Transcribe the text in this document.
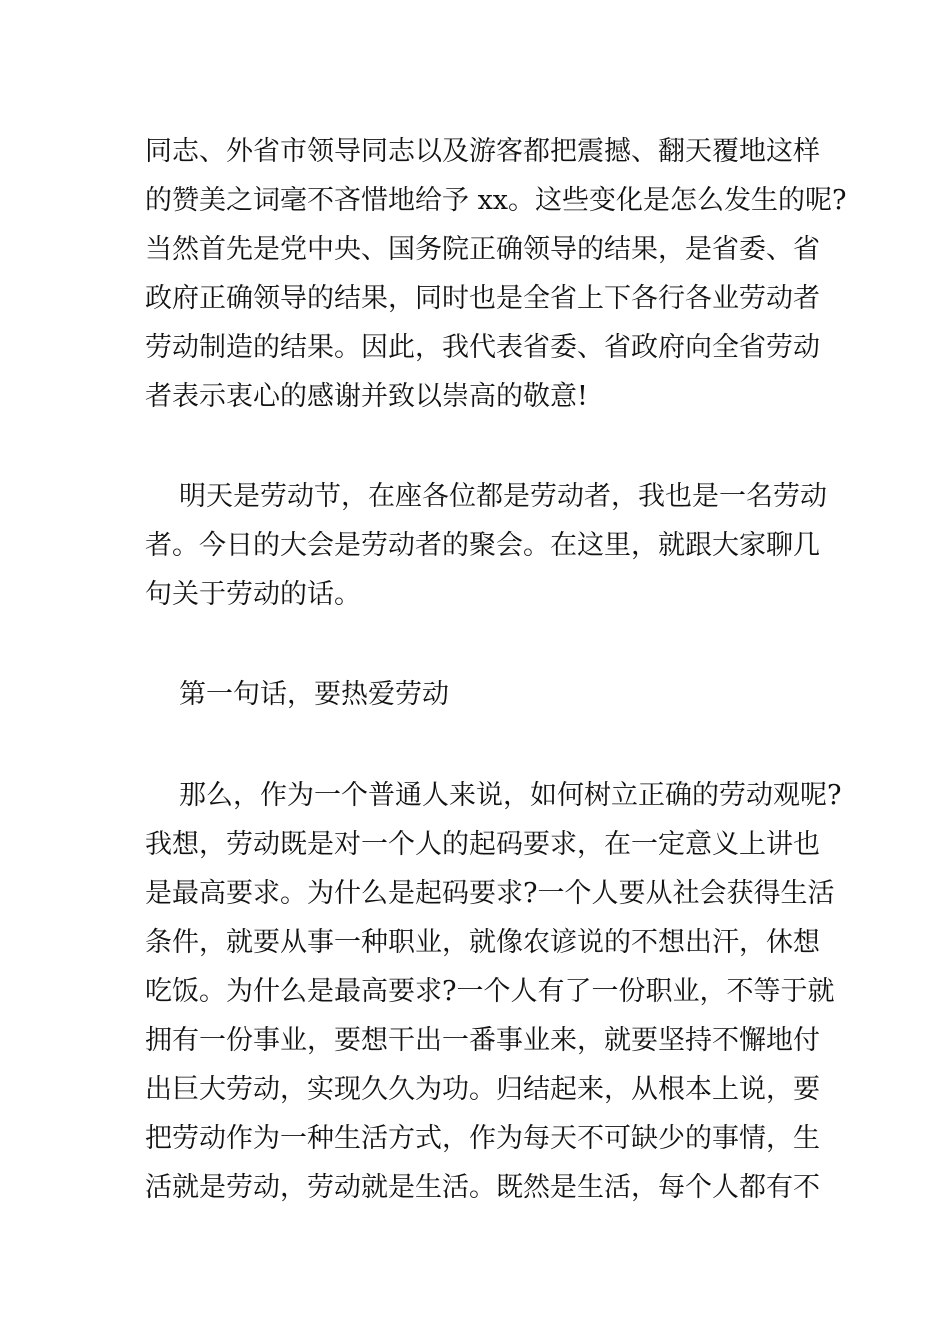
同志、外省市领导同志以及游客都把震撼、翻天覆地这样
的赞美之词毫不吝惜地给予 xx。这些变化是怎么发生的呢?
当然首先是党中央、国务院正确领导的结果，是省委、省
政府正确领导的结果，同时也是全省上下各行各业劳动者
劳动制造的结果。因此，我代表省委、省政府向全省劳动
者表示衷心的感谢并致以崇高的敬意!
明天是劳动节，在座各位都是劳动者，我也是一名劳动
者。今日的大会是劳动者的聚会。在这里，就跟大家聊几
句关于劳动的话。
第一句话，要热爱劳动
那么，作为一个普通人来说，如何树立正确的劳动观呢?
我想，劳动既是对一个人的起码要求，在一定意义上讲也
是最高要求。为什么是起码要求?一个人要从社会获得生活
条件，就要从事一种职业，就像农谚说的不想出汗，休想
吃饭。为什么是最高要求?一个人有了一份职业，不等于就
拥有一份事业，要想干出一番事业来，就要坚持不懈地付
出巨大劳动，实现久久为功。归结起来，从根本上说，要
把劳动作为一种生活方式，作为每天不可缺少的事情，生
活就是劳动，劳动就是生活。既然是生活，每个人都有不
